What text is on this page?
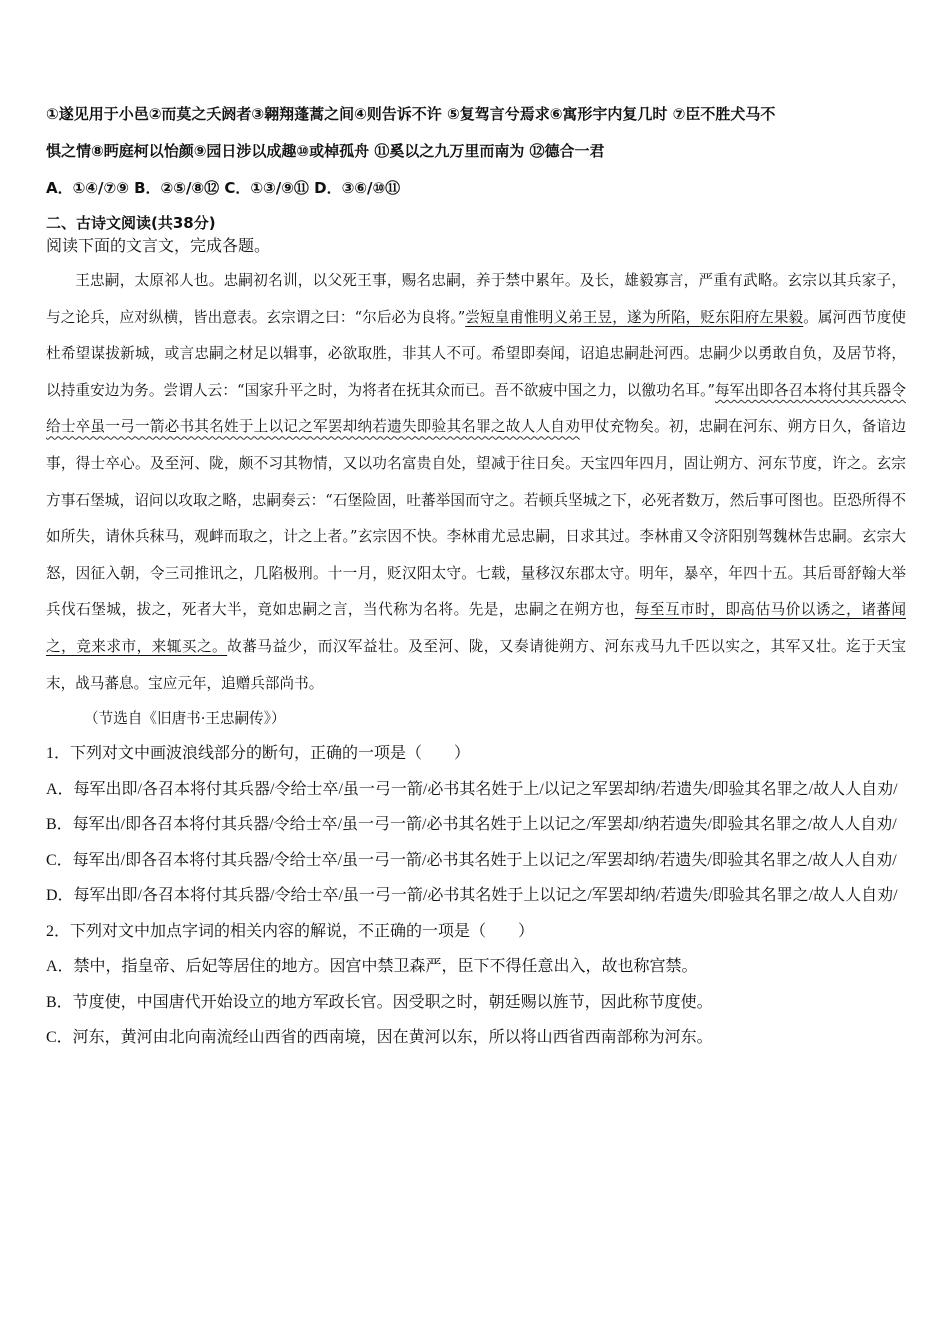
①遂见用于小邑②而莫之夭阏者③翱翔蓬蒿之间④则告诉不许 ⑤复驾言兮焉求⑥寓形宇内复几时 ⑦臣不胜犬马不

惧之情⑧眄庭柯以怡颜⑨园日涉以成趣⑩或棹孤舟 ⑪奚以之九万里而南为 ⑫德合一君

A．①④/⑦⑨ B．②⑤/⑧⑫ C．①③/⑨⑪ D．③⑥/⑩⑪

二、古诗文阅读(共38分)

阅读下面的文言文，完成各题。

王忠嗣，太原祁人也。忠嗣初名训，以父死王事，赐名忠嗣，养于禁中累年。及长，雄毅寡言，严重有武略。玄宗以其兵家子，与之论兵，应对纵横，皆出意表。玄宗谓之曰：“尔后必为良将。”尝短皇甫惟明义弟王昱，遂为所陷，贬东阳府左果毅。属河西节度使杜希望谋拔新城，或言忠嗣之材足以辑事，必欲取胜，非其人不可。希望即奏闻，诏追忠嗣赴河西。忠嗣少以勇敢自负，及居节将，以持重安边为务。尝谓人云：“国家升平之时，为将者在抚其众而已。吾不欲疲中国之力，以徼功名耳。”每军出即各召本将付其兵器令给士卒虽一弓一箭必书其名姓于上以记之军罢却纳若遗失即验其名罪之故人人自劝甲仗充物矣。初，忠嗣在河东、朔方日久，备谙边事，得士卒心。及至河、陇，颇不习其物情，又以功名富贵自处，望减于往日矣。天宝四年四月，固让朔方、河东节度，许之。玄宗方事石堡城，诏问以攻取之略，忠嗣奏云：“石堡险固，吐蕃举国而守之。若顿兵坚城之下，必死者数万，然后事可图也。臣恐所得不如所失，请休兵秣马，观衅而取之，计之上者。”玄宗因不快。李林甫尤忌忠嗣，日求其过。李林甫又令济阳别驾魏林告忠嗣。玄宗大怒，因征入朝，令三司推讯之，几陷极刑。十一月，贬汉阳太守。七载，量移汉东郡太守。明年，暴卒，年四十五。其后哥舒翰大举兵伐石堡城，拔之，死者大半，竟如忠嗣之言，当代称为名将。先是，忠嗣之在朔方也，每至互市时，即高估马价以诱之，诸蕃闻之，竞来求市，来辄买之。故蕃马益少，而汉军益壮。及至河、陇，又奏请徙朔方、河东戎马九千匹以实之，其军又壮。迄于天宝末，战马蕃息。宝应元年，追赠兵部尚书。

（节选自《旧唐书·王忠嗣传》）

1．下列对文中画波浪线部分的断句，正确的一项是（　　）

A．每军出即/各召本将付其兵器/令给士卒/虽一弓一箭/必书其名姓于上/以记之军罢却纳/若遗失/即验其名罪之/故人人自劝/

B．每军出/即各召本将付其兵器/令给士卒/虽一弓一箭/必书其名姓于上以记之/军罢却/纳若遗失/即验其名罪之/故人人自劝/

C．每军出/即各召本将付其兵器/令给士卒/虽一弓一箭/必书其名姓于上以记之/军罢却纳/若遗失/即验其名罪之/故人人自劝/

D．每军出即/各召本将付其兵器/令给士卒/虽一弓一箭/必书其名姓于上以记之/军罢却纳/若遗失/即验其名罪之/故人人自劝/

2．下列对文中加点字词的相关内容的解说，不正确的一项是（　　）

A．禁中，指皇帝、后妃等居住的地方。因宫中禁卫森严，臣下不得任意出入，故也称宫禁。

B．节度使，中国唐代开始设立的地方军政长官。因受职之时，朝廷赐以旌节，因此称节度使。

C．河东，黄河由北向南流经山西省的西南境，因在黄河以东，所以将山西省西南部称为河东。
